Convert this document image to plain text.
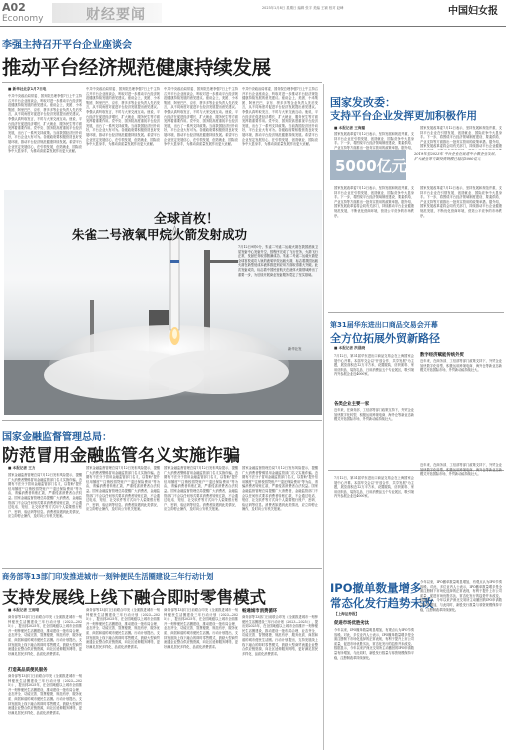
A02
Economy	财经要闻	2023年1月8日 星期日 编辑 张宇 美编 王颖 校对 赵峰	中国妇女报
李强主持召开平台企业座谈会
推动平台经济规范健康持续发展
■ 新华社北京1月7日电
中共中央政治局常委、国务院总理李强7日上午主持召开平台企业座谈会，听取对进一步推动平台经济规范健康持续发展的意见建议。座谈会上，美团、小米集团、阿里巴巴、京东、拼多多等企业负责人先后发言，从不同角度对促进平台经济发展提出意见建议。李强认真听取发言，不时与大家交流互动。他说，平台经济在促进经济增长、扩大就业、服务民生等方面发挥着重要作用。党中央、国务院高度重视平台经济发展，出台了一系列支持政策。当前我国经济回升向好，平台企业大有可为。各级政府要积极营造良好发展环境，推动平台经济规范健康持续发展。希望平台企业坚定发展信心，在引领发展、创造就业、国际竞争中大显身手，为推动高质量发展作出更大贡献。
中共中央政治局常委、国务院总理李强7日上午主持召开平台企业座谈会，听取对进一步推动平台经济规范健康持续发展的意见建议。座谈会上，美团、小米集团、阿里巴巴、京东、拼多多等企业负责人先后发言，从不同角度对促进平台经济发展提出意见建议。李强认真听取发言，不时与大家交流互动。他说，平台经济在促进经济增长、扩大就业、服务民生等方面发挥着重要作用。党中央、国务院高度重视平台经济发展，出台了一系列支持政策。当前我国经济回升向好，平台企业大有可为。各级政府要积极营造良好发展环境，推动平台经济规范健康持续发展。希望平台企业坚定发展信心，在引领发展、创造就业、国际竞争中大显身手，为推动高质量发展作出更大贡献。
中共中央政治局常委、国务院总理李强7日上午主持召开平台企业座谈会，听取对进一步推动平台经济规范健康持续发展的意见建议。座谈会上，美团、小米集团、阿里巴巴、京东、拼多多等企业负责人先后发言，从不同角度对促进平台经济发展提出意见建议。李强认真听取发言，不时与大家交流互动。他说，平台经济在促进经济增长、扩大就业、服务民生等方面发挥着重要作用。党中央、国务院高度重视平台经济发展，出台了一系列支持政策。当前我国经济回升向好，平台企业大有可为。各级政府要积极营造良好发展环境，推动平台经济规范健康持续发展。希望平台企业坚定发展信心，在引领发展、创造就业、国际竞争中大显身手，为推动高质量发展作出更大贡献。
中共中央政治局常委、国务院总理李强7日上午主持召开平台企业座谈会，听取对进一步推动平台经济规范健康持续发展的意见建议。座谈会上，美团、小米集团、阿里巴巴、京东、拼多多等企业负责人先后发言，从不同角度对促进平台经济发展提出意见建议。李强认真听取发言，不时与大家交流互动。他说，平台经济在促进经济增长、扩大就业、服务民生等方面发挥着重要作用。党中央、国务院高度重视平台经济发展，出台了一系列支持政策。当前我国经济回升向好，平台企业大有可为。各级政府要积极营造良好发展环境，推动平台经济规范健康持续发展。希望平台企业坚定发展信心，在引领发展、创造就业、国际竞争中大显身手，为推动高质量发展作出更大贡献。
全球首枚！
朱雀二号液氧甲烷火箭发射成功
7月12日9时0分，朱雀二号遥二运载火箭在我国酒泉卫星发射中心发射升空，按程序完成了飞行任务，火箭飞行正常，发射任务取得圆满成功。朱雀二号遥二运载火箭是全球首枚成功入轨的液氧甲烷运载火箭，标志着我国运载火箭在新型低成本液体推进剂应用方面取得重大突破。此次发射成功，标志着中国民营航天在液体火箭领域跨出了重要一步，为后续开展商业发射服务奠定了坚实基础。
新华社发
国家发改委：
支持平台企业发挥更加积极作用
■ 本报记者 王海璐
国家发展改革委7月12日表示，坚持发展和规范并重，支持平台企业在引领发展、创造就业、国际竞争中大显身手。下一步，将围绕平台经济领域制度建设、要素供给、产业支持等方面推出一批务实管用的政策举措。据介绍，
国家发展改革委7月12日表示，坚持发展和规范并重，支持平台企业在引领发展、创造就业、国际竞争中大显身手。下一步，将围绕平台经济领域制度建设、要素供给、产业支持等方面推出一批务实管用的政策举措。据介绍，国家发展改革委将会同有关部门，持续推动平台企业健康
5000亿元
2019年至2023年 平台企业在促进中小微企业发展、扩大就业等方面投资规模已超过5000亿元
国家发展改革委7月12日表示，坚持发展和规范并重，支持平台企业在引领发展、创造就业、国际竞争中大显身手。下一步，将围绕平台经济领域制度建设、要素供给、产业支持等方面推出一批务实管用的政策举措。据介绍，国家发展改革委将会同有关部门，持续推动平台企业健康规范发展，不断优化营商环境，营造公平竞争的市场秩序。
国家发展改革委7月12日表示，坚持发展和规范并重，支持平台企业在引领发展、创造就业、国际竞争中大显身手。下一步，将围绕平台经济领域制度建设、要素供给、产业支持等方面推出一批务实管用的政策举措。据介绍，国家发展改革委将会同有关部门，持续推动平台企业健康规范发展，不断优化营商环境，营造公平竞争的市场秩序。
第31届华东进出口商品交易会开幕
全方位拓展外贸新路径
■ 本报记者 洪晨晓
7月12日，第31届华东进出口商品交易会在上海国家会展中心开幕。本届华交会以"开放合作、共享发展"为主题，展览面积近12万平方米，设置服装、纺织面料、家用纺织品、装饰礼品、日用消费品五个专业展区，吸引境内外参展企业近4000家。
数字经济赋能传统外贸
近年来，在商务部、工信部等部门政策支持下，外贸企业加快数字化转型，积极运用跨境电商、海外仓等新业态新模式开拓国际市场，外贸新动能持续壮大。
各类企业主要一家
近年来，在商务部、工信部等部门政策支持下，外贸企业加快数字化转型，积极运用跨境电商、海外仓等新业态新模式开拓国际市场，外贸新动能持续壮大。
国家金融监督管理总局：
防范冒用金融监管名义实施诈骗
■ 本报记者 王力
国家金融监督管理总局7月12日发布风险提示，提醒广大消费者警惕冒用金融监管部门名义实施诈骗。近期有不法分子冒用金融监管部门名义，以帮助"提升信用额度""注销校园贷账户""退还保险费用"等为由，诱骗消费者转账汇款，严重侵害消费者合法权益。国家金融监督管理总局提醒广大消费者，金融监管部门不会以任何形式要求消费者转账汇款，不会通过电话、短信、社交软件等方式向个人索要银行账户、密码、验证码等信息。消费者如遇到此类情况，应立即停止操作，及时向公安机关报案。
国家金融监督管理总局7月12日发布风险提示，提醒广大消费者警惕冒用金融监管部门名义实施诈骗。近期有不法分子冒用金融监管部门名义，以帮助"提升信用额度""注销校园贷账户""退还保险费用"等为由，诱骗消费者转账汇款，严重侵害消费者合法权益。国家金融监督管理总局提醒广大消费者，金融监管部门不会以任何形式要求消费者转账汇款，不会通过电话、短信、社交软件等方式向个人索要银行账户、密码、验证码等信息。消费者如遇到此类情况，应立即停止操作，及时向公安机关报案。
国家金融监督管理总局7月12日发布风险提示，提醒广大消费者警惕冒用金融监管部门名义实施诈骗。近期有不法分子冒用金融监管部门名义，以帮助"提升信用额度""注销校园贷账户""退还保险费用"等为由，诱骗消费者转账汇款，严重侵害消费者合法权益。国家金融监督管理总局提醒广大消费者，金融监管部门不会以任何形式要求消费者转账汇款，不会通过电话、短信、社交软件等方式向个人索要银行账户、密码、验证码等信息。消费者如遇到此类情况，应立即停止操作，及时向公安机关报案。
国家金融监督管理总局7月12日发布风险提示，提醒广大消费者警惕冒用金融监管部门名义实施诈骗。近期有不法分子冒用金融监管部门名义，以帮助"提升信用额度""注销校园贷账户""退还保险费用"等为由，诱骗消费者转账汇款，严重侵害消费者合法权益。国家金融监督管理总局提醒广大消费者，金融监管部门不会以任何形式要求消费者转账汇款，不会通过电话、短信、社交软件等方式向个人索要银行账户、密码、验证码等信息。消费者如遇到此类情况，应立即停止操作，及时向公安机关报案。
7月12日，第31届华东进出口商品交易会在上海国家会展中心开幕。本届华交会以"开放合作、共享发展"为主题，展览面积近12万平方米，设置服装、纺织面料、家用纺织品、装饰礼品、日用消费品五个专业展区，吸引境内外参展企业近4000家。
近年来，在商务部、工信部等部门政策支持下，外贸企业加快数字化转型，积极运用跨境电商、海外仓等新业态新模式开拓国际市场，外贸新动能持续壮大。
商务部等13部门印发推进城市一刻钟便民生活圈建设三年行动计划
支持发展线上线下融合即时零售模式
■ 本报记者 王雨晴
商务部等13部门日前联合印发《全面推进城市一刻钟便民生活圈建设三年行动计划（2023—2025）》，提出到2025年，在全国地级以上城市全面推开一刻钟便民生活圈建设，推动建设一批布局合理、业态齐全、功能完善、智慧便捷、规范有序、服务优质、商居和谐的城市便民生活圈。行动计划提出，支持发展线上线下融合的即时零售模式，鼓励大型商贸流通企业整合供应链资源，向社区延伸服务网络，更好满足居民多样化、品质化消费需求。
打造高品质便民服务
商务部等13部门日前联合印发《全面推进城市一刻钟便民生活圈建设三年行动计划（2023—2025）》，提出到2025年，在全国地级以上城市全面推开一刻钟便民生活圈建设，推动建设一批布局合理、业态齐全、功能完善、智慧便捷、规范有序、服务优质、商居和谐的城市便民生活圈。行动计划提出，支持发展线上线下融合的即时零售模式，鼓励大型商贸流通企业整合供应链资源，向社区延伸服务网络，更好满足居民多样化、品质化消费需求。
商务部等13部门日前联合印发《全面推进城市一刻钟便民生活圈建设三年行动计划（2023—2025）》，提出到2025年，在全国地级以上城市全面推开一刻钟便民生活圈建设，推动建设一批布局合理、业态齐全、功能完善、智慧便捷、规范有序、服务优质、商居和谐的城市便民生活圈。行动计划提出，支持发展线上线下融合的即时零售模式，鼓励大型商贸流通企业整合供应链资源，向社区延伸服务网络，更好满足居民多样化、品质化消费需求。
商务部等13部门日前联合印发《全面推进城市一刻钟便民生活圈建设三年行动计划（2023—2025）》，提出到2025年，在全国地级以上城市全面推开一刻钟便民生活圈建设，推动建设一批布局合理、业态齐全、功能完善、智慧便捷、规范有序、服务优质、商居和谐的城市便民生活圈。行动计划提出，支持发展线上线下融合的即时零售模式，鼓励大型商贸流通企业整合供应链资源，向社区延伸服务网络，更好满足居民多样化、品质化消费需求。
畅通城市消费循环
商务部等13部门日前联合印发《全面推进城市一刻钟便民生活圈建设三年行动计划（2023—2025）》，提出到2025年，在全国地级以上城市全面推开一刻钟便民生活圈建设，推动建设一批布局合理、业态齐全、功能完善、智慧便捷、规范有序、服务优质、商居和谐的城市便民生活圈。行动计划提出，支持发展线上线下融合的即时零售模式，鼓励大型商贸流通企业整合供应链资源，向社区延伸服务网络，更好满足居民多样化、品质化消费需求。
IPO撤单数量增多
常态化发行趋势未改
【上海证券报】
促进市场优胜劣汰
今年以来，IPO撤单数量明显增加，有观点认为IPO节奏放缓。对此，多位业内人士表示，IPO撤单数量增多是全面注册制下市场化选择的正常表现，有利于提升上市公司质量，促进市场优胜劣汰，常态化发行的趋势并未改变。数据显示，今年以来沪深北交易所主动撤回的IPO申请数量有所增加，与此同时，新股发行数量与募资规模保持平稳，注册制改革持续深化。
今年以来，IPO撤单数量明显增加，有观点认为IPO节奏放缓。对此，多位业内人士表示，IPO撤单数量增多是全面注册制下市场化选择的正常表现，有利于提升上市公司质量，促进市场优胜劣汰，常态化发行的趋势并未改变。数据显示，今年以来沪深北交易所主动撤回的IPO申请数量有所增加，与此同时，新股发行数量与募资规模保持平稳，注册制改革持续深化。
